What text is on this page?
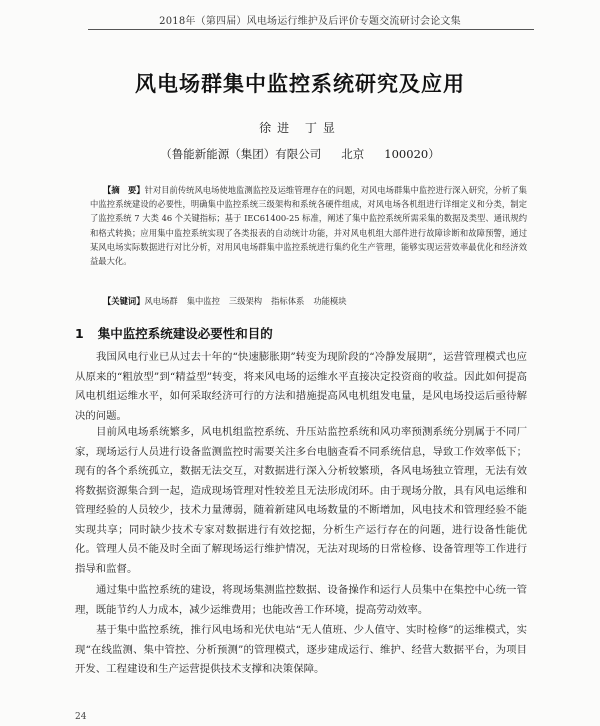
2018年（第四届）风电场运行维护及后评价专题交流研讨会论文集
风电场群集中监控系统研究及应用
徐进 丁显
（鲁能新能源（集团）有限公司 北京 100020）
【摘　要】针对目前传统风电场使地监测监控及运维管理存在的问题，对风电场群集中监控进行深入研究，分析了集中监控系统建设的必要性，明确集中监控系统三级架构和系统各硬件组成，对风电场各机组进行详细定义和分类，制定了监控系统 7 大类 46 个关键指标；基于 IEC61400-25 标准，阐述了集中监控系统所需采集的数据及类型、通讯规约和格式转换；应用集中监控系统实现了各类报表的自动统计功能，并对风电机组大部件进行故障诊断和故障预警，通过某风电场实际数据进行对比分析，对用风电场群集中监控系统进行集约化生产管理，能够实现运营效率最优化和经济效益最大化。
【关键词】风电场群 集中监控 三级架构 指标体系 功能模块
1 集中监控系统建设必要性和目的
我国风电行业已从过去十年的“快速膨胀期”转变为现阶段的“冷静发展期”，运营管理模式也应从原来的“粗放型”到“精益型”转变，将来风电场的运维水平直接决定投资商的收益。因此如何提高风电机组运维水平，如何采取经济可行的方法和措施提高风电机组发电量，是风电场投运后亟待解决的问题。
目前风电场系统繁多，风电机组监控系统、升压站监控系统和风功率预测系统分别属于不同厂家，现场运行人员进行设备监测监控时需要关注多台电脑查看不同系统信息，导致工作效率低下；现有的各个系统孤立，数据无法交互，对数据进行深入分析较繁琐，各风电场独立管理，无法有效将数据资源集合到一起，造成现场管理对性较差且无法形成闭环。由于现场分散，具有风电运维和管理经验的人员较少，技术力量薄弱，随着新建风电场数量的不断增加，风电技术和管理经验不能实现共享；同时缺少技术专家对数据进行有效挖掘，分析生产运行存在的问题，进行设备性能优化。管理人员不能及时全面了解现场运行维护情况，无法对现场的日常检修、设备管理等工作进行指导和监督。
通过集中监控系统的建设，将现场集测监控数据、设备操作和运行人员集中在集控中心统一管理，既能节约人力成本，减少运维费用；也能改善工作环境，提高劳动效率。
基于集中监控系统，推行风电场和光伏电站“无人值班、少人值守、实时检修”的运维模式，实现“在线监测、集中管控、分析预测”的管理模式，逐步建成运行、维护、经营大数据平台，为项目开发、工程建设和生产运营提供技术支撑和决策保障。
24
